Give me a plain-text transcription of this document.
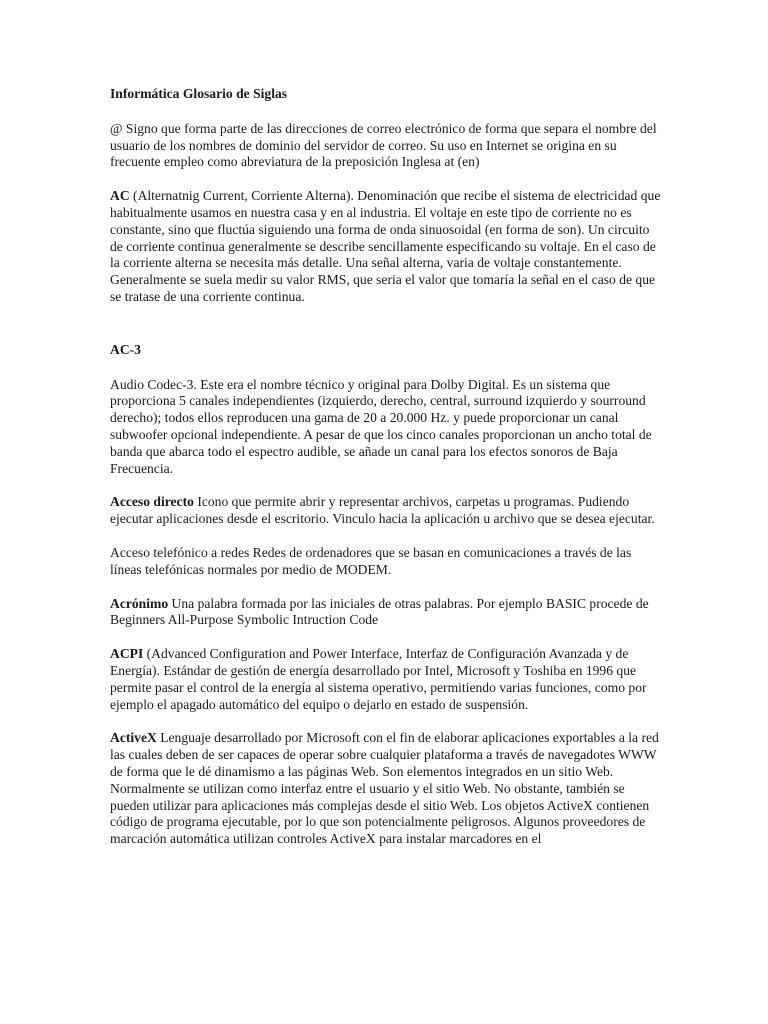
Informática Glosario de Siglas

@ Signo que forma parte de las direcciones de correo electrónico de forma que separa el nombre del usuario de los nombres de dominio del servidor de correo. Su uso en Internet se origina en su frecuente empleo como abreviatura de la preposición Inglesa at (en)

AC (Alternatnig Current, Corriente Alterna). Denominación que recibe el sistema de electricidad que habitualmente usamos en nuestra casa y en al industria. El voltaje en este tipo de corriente no es constante, sino que fluctúa siguiendo una forma de onda sinuosoidal (en forma de son). Un circuito de corriente continua generalmente se describe sencillamente especificando su voltaje. En el caso de la corriente alterna se necesita más detalle. Una señal alterna, varia de voltaje constantemente. Generalmente se suela medir su valor RMS, que seria el valor que tomaría la señal en el caso de que se tratase de una corriente continua.

AC-3

Audio Codec-3. Este era el nombre técnico y original para Dolby Digital. Es un sistema que proporciona 5 canales independientes (izquierdo, derecho, central, surround izquierdo y sourround derecho); todos ellos reproducen una gama de 20 a 20.000 Hz. y puede proporcionar un canal subwoofer opcional independiente. A pesar de que los cinco canales proporcionan un ancho total de banda que abarca todo el espectro audible, se añade un canal para los efectos sonoros de Baja Frecuencia.

Acceso directo Icono que permite abrir y representar archivos, carpetas u programas. Pudiendo ejecutar aplicaciones desde el escritorio. Vinculo hacia la aplicación u archivo que se desea ejecutar.

Acceso telefónico a redes Redes de ordenadores que se basan en comunicaciones a través de las líneas telefónicas normales por medio de MODEM.

Acrónimo Una palabra formada por las iniciales de otras palabras. Por ejemplo BASIC procede de Beginners All-Purpose Symbolic Intruction Code

ACPI (Advanced Configuration and Power Interface, Interfaz de Configuración Avanzada y de Energía). Estándar de gestión de energía desarrollado por Intel, Microsoft y Toshiba en 1996 que permite pasar el control de la energía al sistema operativo, permitiendo varias funciones, como por ejemplo el apagado automático del equipo o dejarlo en estado de suspensión.

ActiveX Lenguaje desarrollado por Microsoft con el fin de elaborar aplicaciones exportables a la red las cuales deben de ser capaces de operar sobre cualquier plataforma a través de navegadotes WWW de forma que le dé dinamismo a las páginas Web. Son elementos integrados en un sitio Web. Normalmente se utilizan como interfaz entre el usuario y el sitio Web. No obstante, también se pueden utilizar para aplicaciones más complejas desde el sitio Web. Los objetos ActiveX contienen código de programa ejecutable, por lo que son potencialmente peligrosos. Algunos proveedores de marcación automática utilizan controles ActiveX para instalar marcadores en el
